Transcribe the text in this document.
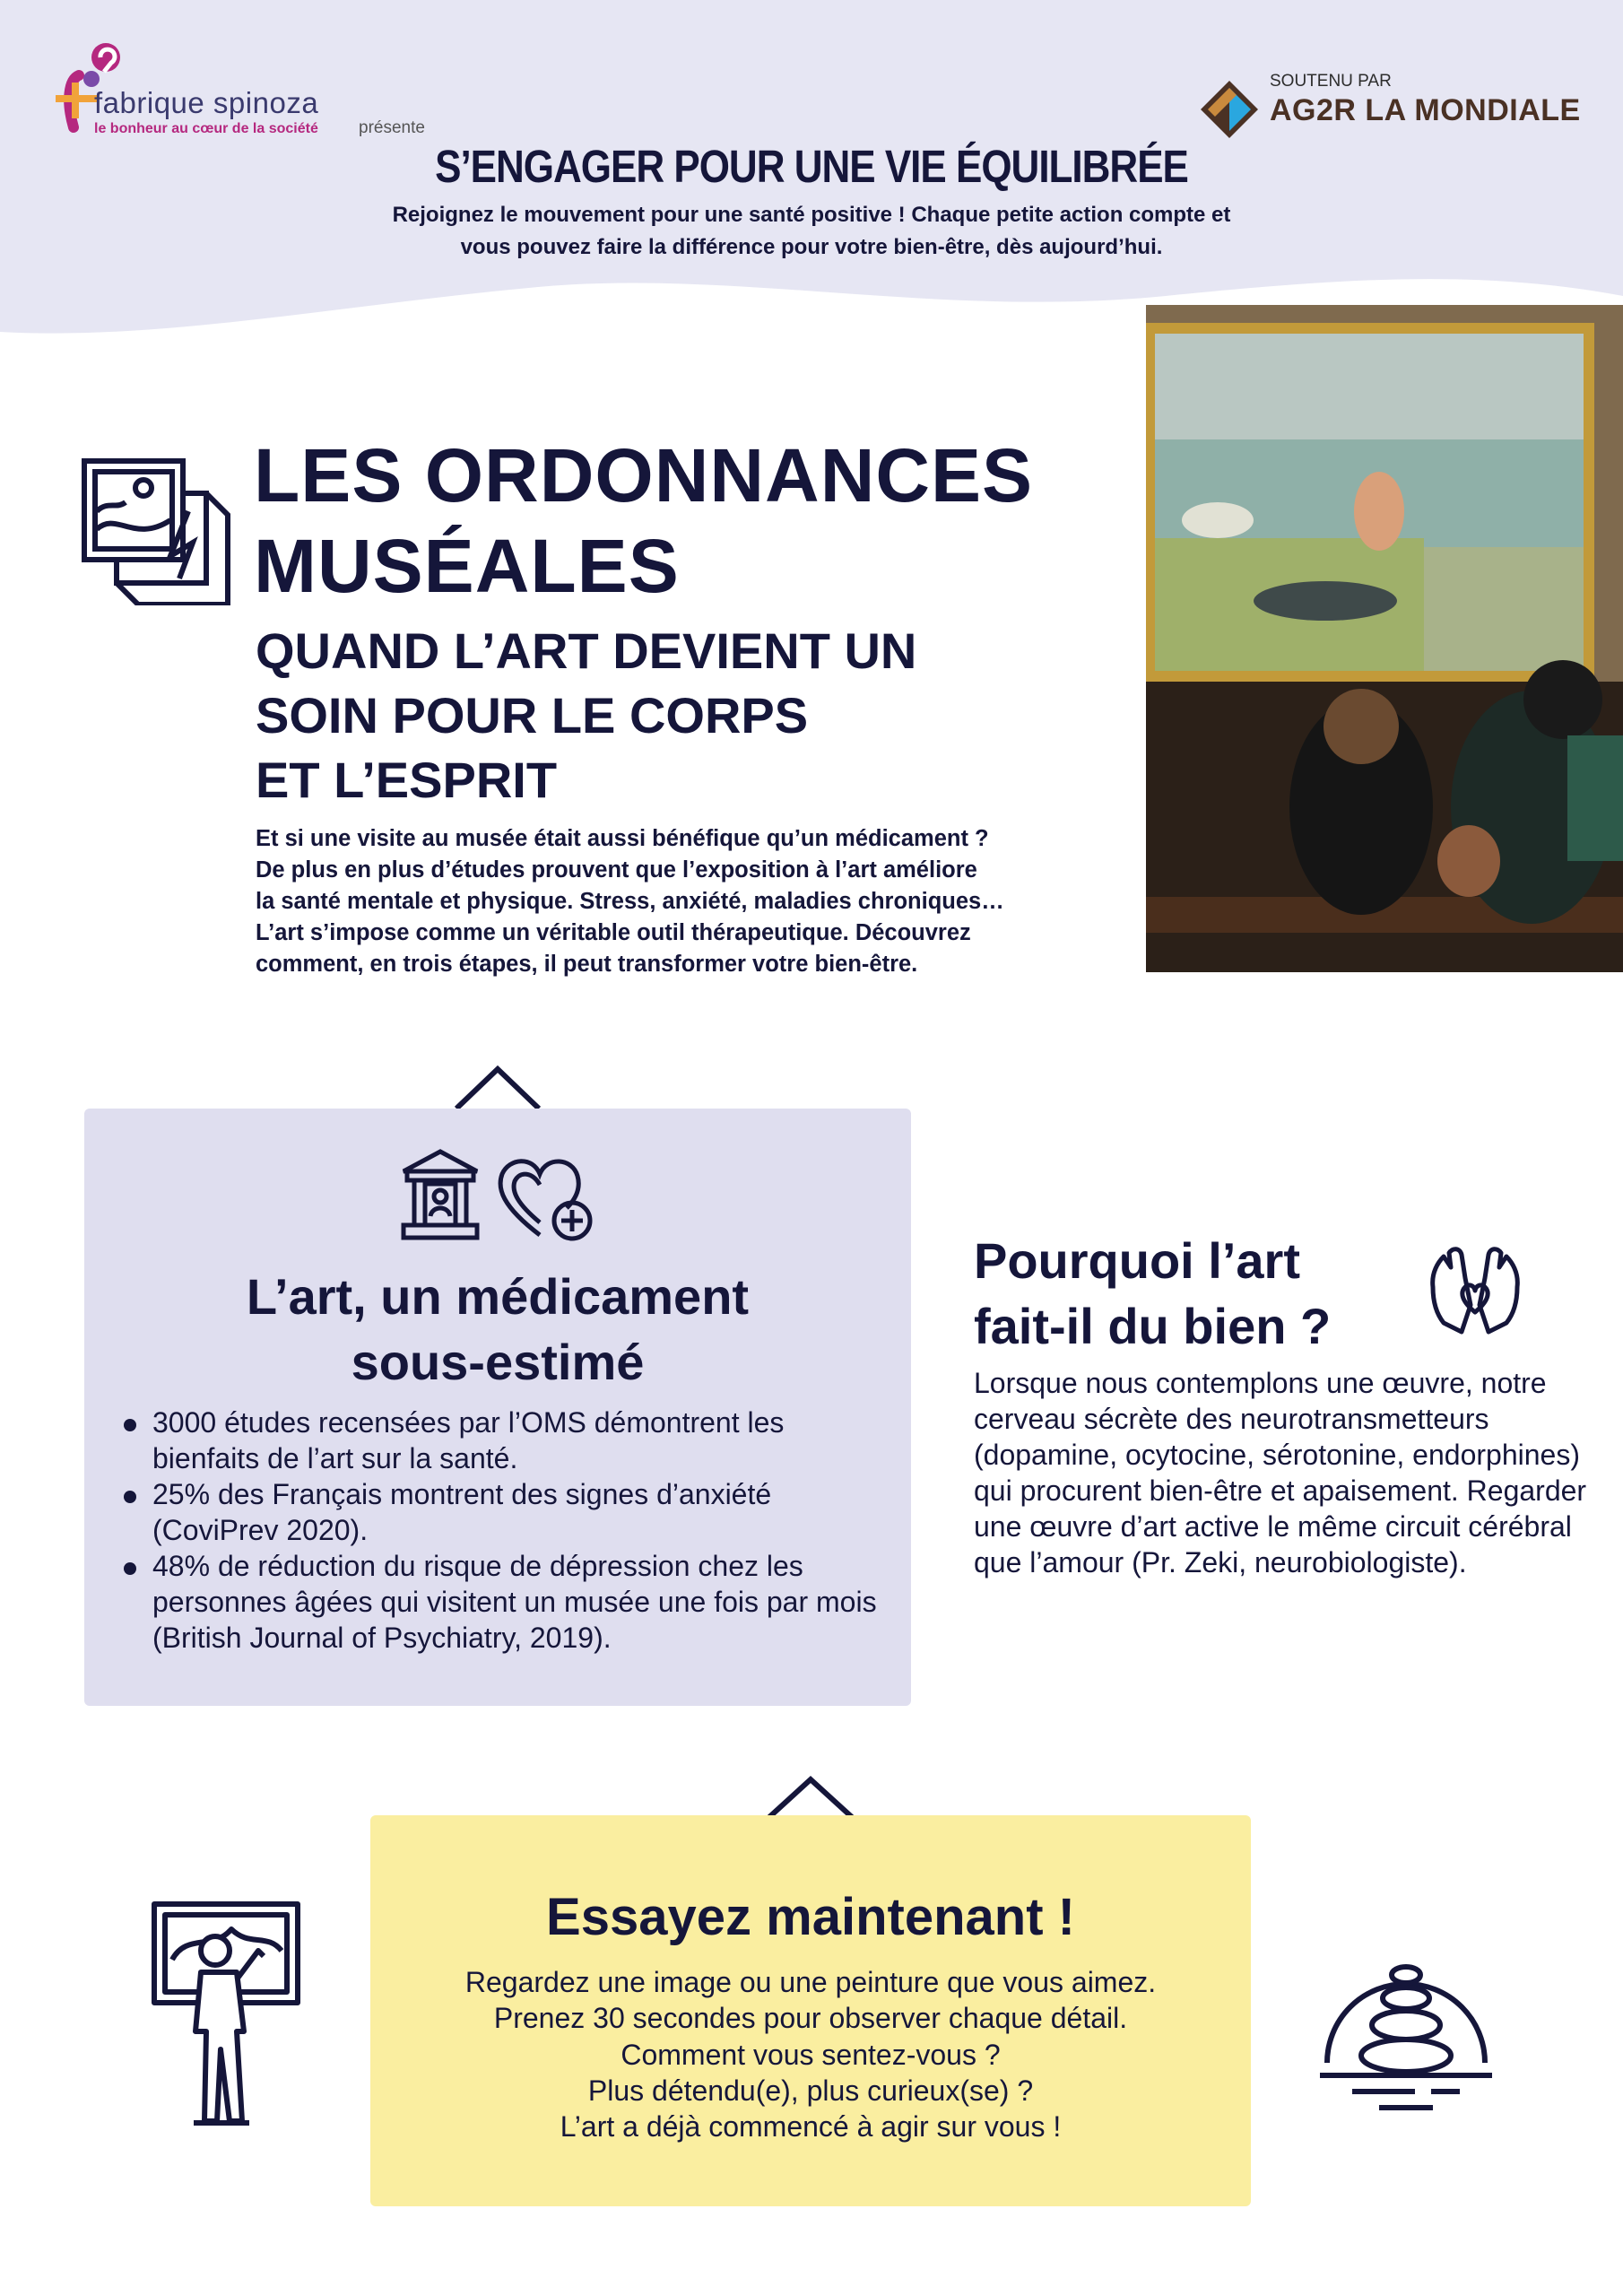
fabrique spinoza
le bonheur au cœur de la société présente
SOUTENU PAR
AG2R LA MONDIALE
S’ENGAGER POUR UNE VIE ÉQUILIBRÉE
Rejoignez le mouvement pour une santé positive ! Chaque petite action compte et
vous pouvez faire la différence pour votre bien-être, dès aujourd’hui.
LES ORDONNANCES
MUSÉALES
QUAND L’ART DEVIENT UN
SOIN POUR LE CORPS
ET L’ESPRIT
Et si une visite au musée était aussi bénéfique qu’un médicament ?
De plus en plus d’études prouvent que l’exposition à l’art améliore
la santé mentale et physique. Stress, anxiété, maladies chroniques…
L’art s’impose comme un véritable outil thérapeutique. Découvrez
comment, en trois étapes, il peut transformer votre bien-être.
L’art, un médicament
sous-estimé
3000 études recensées par l’OMS démontrent les bienfaits de l’art sur la santé.
25% des Français montrent des signes d’anxiété (CoviPrev 2020).
48% de réduction du risque de dépression chez les personnes âgées qui visitent un musée une fois par mois (British Journal of Psychiatry, 2019).
Pourquoi l’art
fait-il du bien ?
Lorsque nous contemplons une œuvre, notre cerveau sécrète des neurotransmetteurs (dopamine, ocytocine, sérotonine, endorphines) qui procurent bien-être et apaisement. Regarder une œuvre d’art active le même circuit cérébral que l’amour (Pr. Zeki, neurobiologiste).
Essayez maintenant !
Regardez une image ou une peinture que vous aimez.
Prenez 30 secondes pour observer chaque détail.
Comment vous sentez-vous ?
Plus détendu(e), plus curieux(se) ?
L’art a déjà commencé à agir sur vous !
